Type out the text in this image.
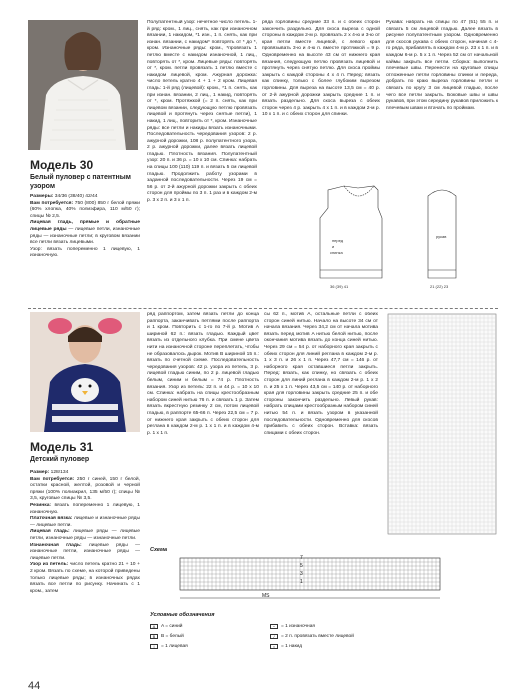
Модель 30
Белый пуловер с патентным узором

Размеры: 34/36 (38/40) 42/44

Вам потребуется: 750 (800) 850 г белой пряжи (60% хлопка, 40% полиэфира, 110 м/50 г); спицы № 2,5.

Лицевая гладь, прямые и обратные лицевые ряды — лицевые петли, изнаночные ряды — изнаночные петли; в круговом вязании все петли вязать лицевыми.

Узор: вязать попеременно 1 лицевую, 1 изнаночную.

Полупатентный узор: нечетное число петель. 1-й ряд: кром., 1 лиц., снять, как при изнаночном вязании, 1 накидом, *1 изн., 1 п. снять, как при изнан. вязании, с накидом* повторять от * до *, кром. Изнаночные ряды: кром., *провязать 1 петлю вместе с накидом изнаночной, 1 лиц., повторять от *, кром. Лицевые ряды: повторять от *, кром. петли провязать 1 петлю вместе с накидом лицевой, кром. Ажурная дорожка: число петель кратно 4 + 1 + 2 кром. Лицевая гладь: 1-й ряд (лицевой): кром., *1 п. снять, как при изнан. вязании, 2 лиц., 1 накид, повторять от *, кром. Протяжкой (= 2 п. снять, как при лицевом вязании, следующую петлю провязать лицевой и протянуть через снятые петли), 1 накид, 1 лиц., повторить от *, кром. Изнаночные ряды: все петли и накиды вязать изнаночными. Последовательность чередования узоров: 2 р. ажурной дорожки, 108 р. полупатентного узора, 2 р. ажурной дорожки, далее вязать лицевой гладью. Плотность вязания. Полупатентный узор: 20 п. и 36 р. = 10 х 10 см. Спинка: набрать на спицы 100 (110) 119 п. и вязать 5 см лицевой гладью. Продолжить работу узорами в заданной последовательности. Через 19 см = 56 р. от 2-й ажурной дорожки закрыть с обеих сторон для проймы по 3 п. 1 раз и в каждом 2-м р. 3 х 2 п. и 3 х 1 п.

ряда горловины средние 33 п. и с обеих сторон закончить раздельно. Для скоса выреза с одной стороны в каждом 2-м р. провязать 2 х 4-ю и 3-ю от края петли вместе лицевой, с левого края провязывать 3-ю и 4-ю п. вместе протяжкой = 9 р. Одновременно на высоте 43 см от нижнего края вязания, следующую петлю провязать лицевой и протянуть через снятую петлю. Для скоса проймы закрыть с каждой стороны 4 х 4 п. Перед: вязать как спинку, только с более глубоким вырезом горловины. Для выреза на высоте 13,5 см = 40 р. от 2-й ажурной дорожки закрыть средние 1 п. и вязать раздельно. Для скоса выреза с обеих сторон через 4 р. закрыть 4 х 1 п. и в каждом 2-м р. 10 х 1 п. и с обеих сторон для спинки.

Рукава: набрать на спицы по 47 (51) 55 п. и связать 5 см лицевой гладью. Далее вязать в рисунке полупатентным узором. Одновременно для скосов рукава с обеих сторон, начиная с 4-го ряда, прибавлять в каждом 4-м р. 23 х 1 п. и в каждом 6-м р. 5 х 1 п. Через 52 см от начальной каймы закрыть все петли. Сборка: выполнить плечевые швы. Перенести на круговые спицы отложенные петли горловины спинки и переда, добрать по краю выреза горловины петли и связать по кругу 3 см лицевой гладью, после чего все петли закрыть. Боковые швы и швы рукавов, при этом середину рукавов приложить к плечевым швам и втачать по проймам.

перед
и
спинка
рукав
36 (39) 41	21 (22) 23
Модель 31
Детский пуловер

Размер: 128/134

Вам потребуется: 250 г синей, 150 г белой, остатки красной, желтой, розовой и черной пряжи (100% полиакрил, 135 м/50 г); спицы № 3,5, круговые спицы № 3,5.

Резинка: вязать попеременно 1 лицевую, 1 изнаночную.

Платочная вязка: лицевые и изнаночные ряды — лицевые петли.

Лицевая гладь: лицевые ряды — лицевые петли, изнаночные ряды — изнаночные петли.

Изнаночная гладь: лицевые ряды — изнаночные петли, изнаночные ряды — лицевые петли.

Узор из петель: число петель кратно 21 + 10 + 2 кром. Вязать по схеме, на которой приведены только лицевые ряды; в изнаночных рядах вязать все петли по рисунку. Начинать с 1 кром., затем

ряд раппортом, затем вязать петли до конца раппорта, заканчивать петлями после раппорта и 1 кром. Повторить с 1-го по 7-й р. Мотив A шириной 62 п.: вязать гладью. Каждый цвет вязать из отдельного клубка. При смене цвета нити на изнаночной стороне переплетать, чтобы не образовалось дырок. Мотив B шириной 15 п.: вязать по счетной схеме. Последовательность чередования узоров: 42 р. узора из петель, 3 р. лицевой гладью синим, по 2 р. лицевой гладью белым, синим и белым = 74 р. Плотность вязания. Узор из петель: 22 п. и 44 р. = 10 х 10 см. Спинка: набрать на спицы крестообразным набором синей нитью 76 п. и связать 1 р. Затем вязать вкрестную резинку 2 см, потом лицевой гладью, в раппорте 65-66 п. Через 22,5 см = 7 р. от нижнего края закрыть с обеих сторон для реглана в каждом 2-м р. 1 х 1 п. и в каждом 4-м р. 1 х 1 п.

сы 62 п., мотив A, остальные петли с обеих сторон синей нитью. Начало на высоте 34 см от начала вязания. Через 34,2 см от начала мотива вязать перед мотив A нитью белой нитью, после окончания мотива вязать до конца синей нитью. Через 29 см = 54 р. от наборного края закрыть с обеих сторон для линий реглана в каждом 2-м р. 1 х 3 п. и 26 х 1 п. Через 47,7 см = 146 р. от наборного края оставшиеся петли закрыть. Перед: вязать, как спинку, но связать с обеих сторон для линий реглана в каждом 2-м р. 1 х 2 п. и 25 х 1 п. Через 43,5 см = 140 р. от наборного края для горловины закрыть средние 25 п. и обе стороны закончить раздельно. Левый рукав: набрать спицами крестообразным набором синей нитью 54 п. и вязать узором в указанной последовательности. Одновременно для скосов прибавить с обеих сторон. Вставка: вязать спицами с обеих сторон.

Схема
7
5
3
1
MS
Условные обозначения
A	A = синий
B	B = белый
|	= 1 лицевая
−	= 1 изнаночная
/	= 2 п. провязать вместе лицевой
○	= 1 накид
44
